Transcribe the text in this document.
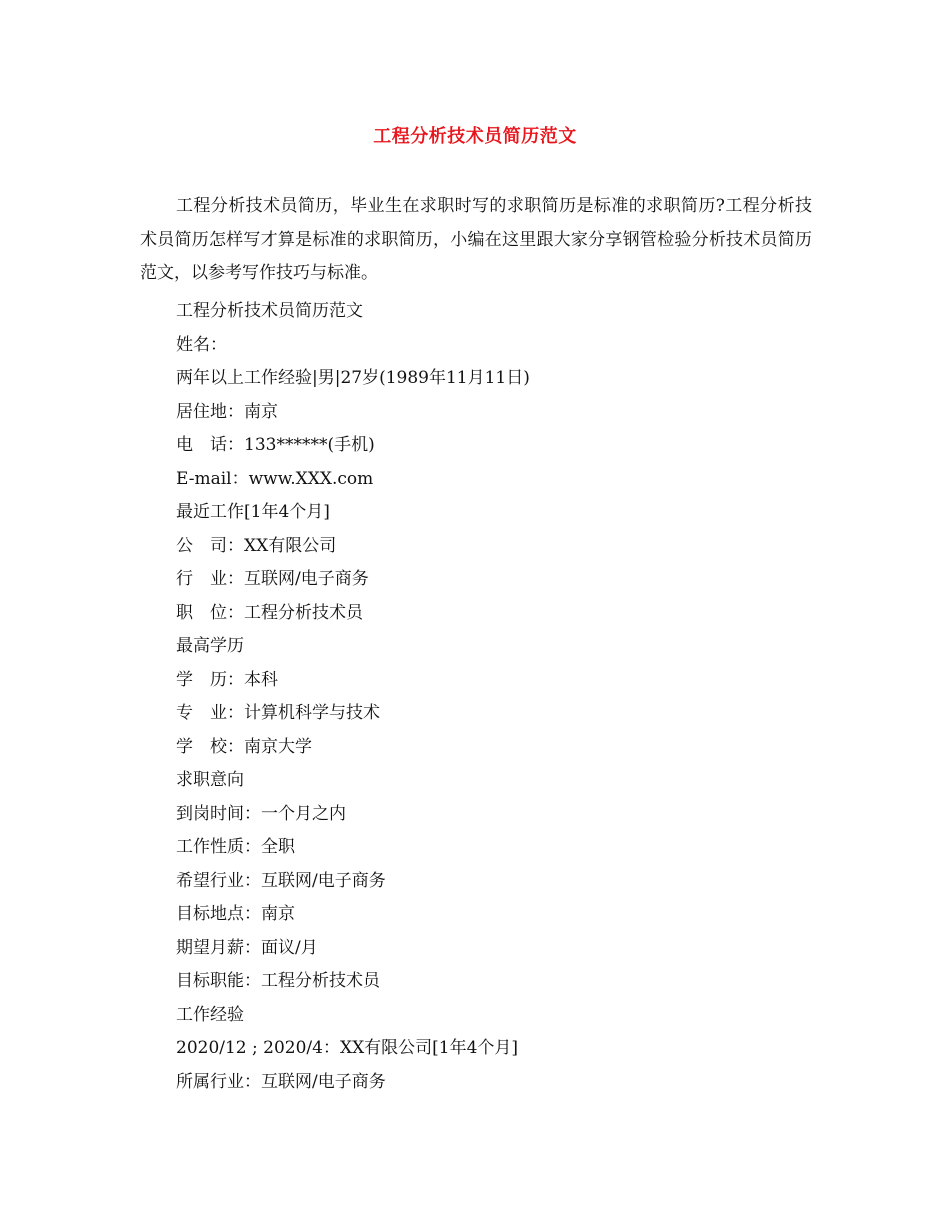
工程分析技术员简历范文
工程分析技术员简历，毕业生在求职时写的求职简历是标准的求职简历?工程分析技术员简历怎样写才算是标准的求职简历，小编在这里跟大家分享钢管检验分析技术员简历范文，以参考写作技巧与标准。
工程分析技术员简历范文
姓名：
两年以上工作经验|男|27岁(1989年11月11日)
居住地：南京
电　话：133******(手机)
E-mail：www.XXX.com
最近工作[1年4个月]
公　司：XX有限公司
行　业：互联网/电子商务
职　位：工程分析技术员
最高学历
学　历：本科
专　业：计算机科学与技术
学　校：南京大学
求职意向
到岗时间：一个月之内
工作性质：全职
希望行业：互联网/电子商务
目标地点：南京
期望月薪：面议/月
目标职能：工程分析技术员
工作经验
2020/12 ; 2020/4：XX有限公司[1年4个月]
所属行业：互联网/电子商务
